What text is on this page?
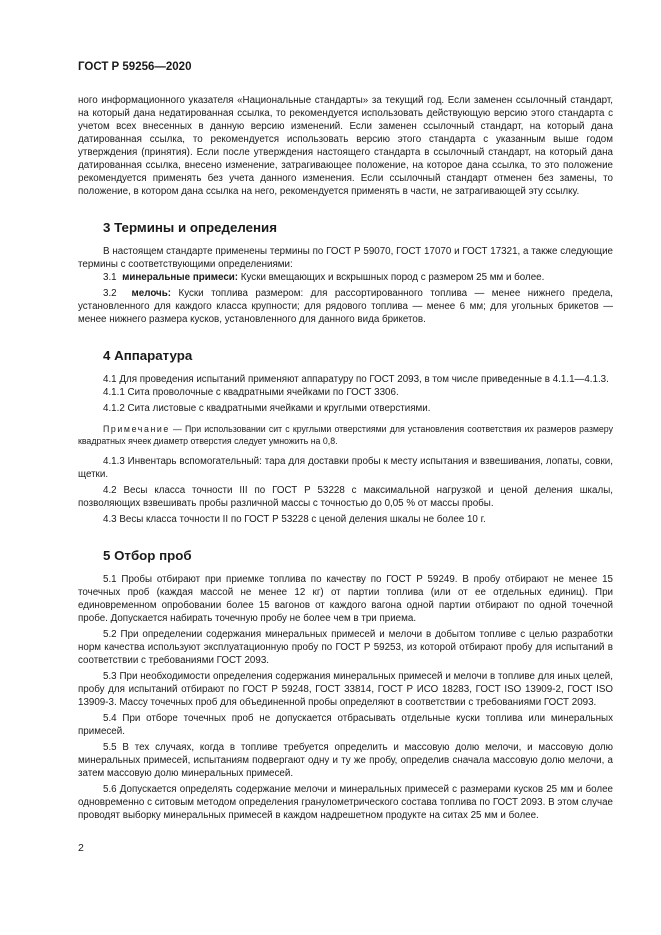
ГОСТ Р 59256—2020

ного информационного указателя «Национальные стандарты» за текущий год. Если заменен ссылочный стандарт, на который дана недатированная ссылка, то рекомендуется использовать действующую версию этого стандарта с учетом всех внесенных в данную версию изменений. Если заменен ссылочный стандарт, на который дана датированная ссылка, то рекомендуется использовать версию этого стандарта с указанным выше годом утверждения (принятия). Если после утверждения настоящего стандарта в ссылочный стандарт, на который дана датированная ссылка, внесено изменение, затрагивающее положение, на которое дана ссылка, то это положение рекомендуется применять без учета данного изменения. Если ссылочный стандарт отменен без замены, то положение, в котором дана ссылка на него, рекомендуется применять в части, не затрагивающей эту ссылку.

3 Термины и определения

В настоящем стандарте применены термины по ГОСТ Р 59070, ГОСТ 17070 и ГОСТ 17321, а также следующие термины с соответствующими определениями:

3.1 минеральные примеси: Куски вмещающих и вскрышных пород с размером 25 мм и более.

3.2 мелочь: Куски топлива размером: для рассортированного топлива — менее нижнего предела, установленного для каждого класса крупности; для рядового топлива — менее 6 мм; для угольных брикетов — менее нижнего размера кусков, установленного для данного вида брикетов.

4 Аппаратура

4.1 Для проведения испытаний применяют аппаратуру по ГОСТ 2093, в том числе приведенные в 4.1.1—4.1.3.

4.1.1 Сита проволочные с квадратными ячейками по ГОСТ 3306.

4.1.2 Сита листовые с квадратными ячейками и круглыми отверстиями.

Примечание — При использовании сит с круглыми отверстиями для установления соответствия их размеров размеру квадратных ячеек диаметр отверстия следует умножить на 0,8.

4.1.3 Инвентарь вспомогательный: тара для доставки пробы к месту испытания и взвешивания, лопаты, совки, щетки.

4.2 Весы класса точности III по ГОСТ Р 53228 с максимальной нагрузкой и ценой деления шкалы, позволяющих взвешивать пробы различной массы с точностью до 0,05 % от массы пробы.

4.3 Весы класса точности II по ГОСТ Р 53228 с ценой деления шкалы не более 10 г.

5 Отбор проб

5.1 Пробы отбирают при приемке топлива по качеству по ГОСТ Р 59249. В пробу отбирают не менее 15 точечных проб (каждая массой не менее 12 кг) от партии топлива (или от ее отдельных единиц). При единовременном опробовании более 15 вагонов от каждого вагона одной партии отбирают по одной точечной пробе. Допускается набирать точечную пробу не более чем в три приема.

5.2 При определении содержания минеральных примесей и мелочи в добытом топливе с целью разработки норм качества используют эксплуатационную пробу по ГОСТ Р 59253, из которой отбирают пробу для испытаний в соответствии с требованиями ГОСТ 2093.

5.3 При необходимости определения содержания минеральных примесей и мелочи в топливе для иных целей, пробу для испытаний отбирают по ГОСТ Р 59248, ГОСТ 33814, ГОСТ Р ИСО 18283, ГОСТ ISO 13909-2, ГОСТ ISO 13909-3. Массу точечных проб для объединенной пробы определяют в соответствии с требованиями ГОСТ 2093.

5.4 При отборе точечных проб не допускается отбрасывать отдельные куски топлива или минеральных примесей.

5.5 В тех случаях, когда в топливе требуется определить и массовую долю мелочи, и массовую долю минеральных примесей, испытаниям подвергают одну и ту же пробу, определив сначала массовую долю мелочи, а затем массовую долю минеральных примесей.

5.6 Допускается определять содержание мелочи и минеральных примесей с размерами кусков 25 мм и более одновременно с ситовым методом определения гранулометрического состава топлива по ГОСТ 2093. В этом случае проводят выборку минеральных примесей в каждом надрешетном продукте на ситах 25 мм и более.

2
